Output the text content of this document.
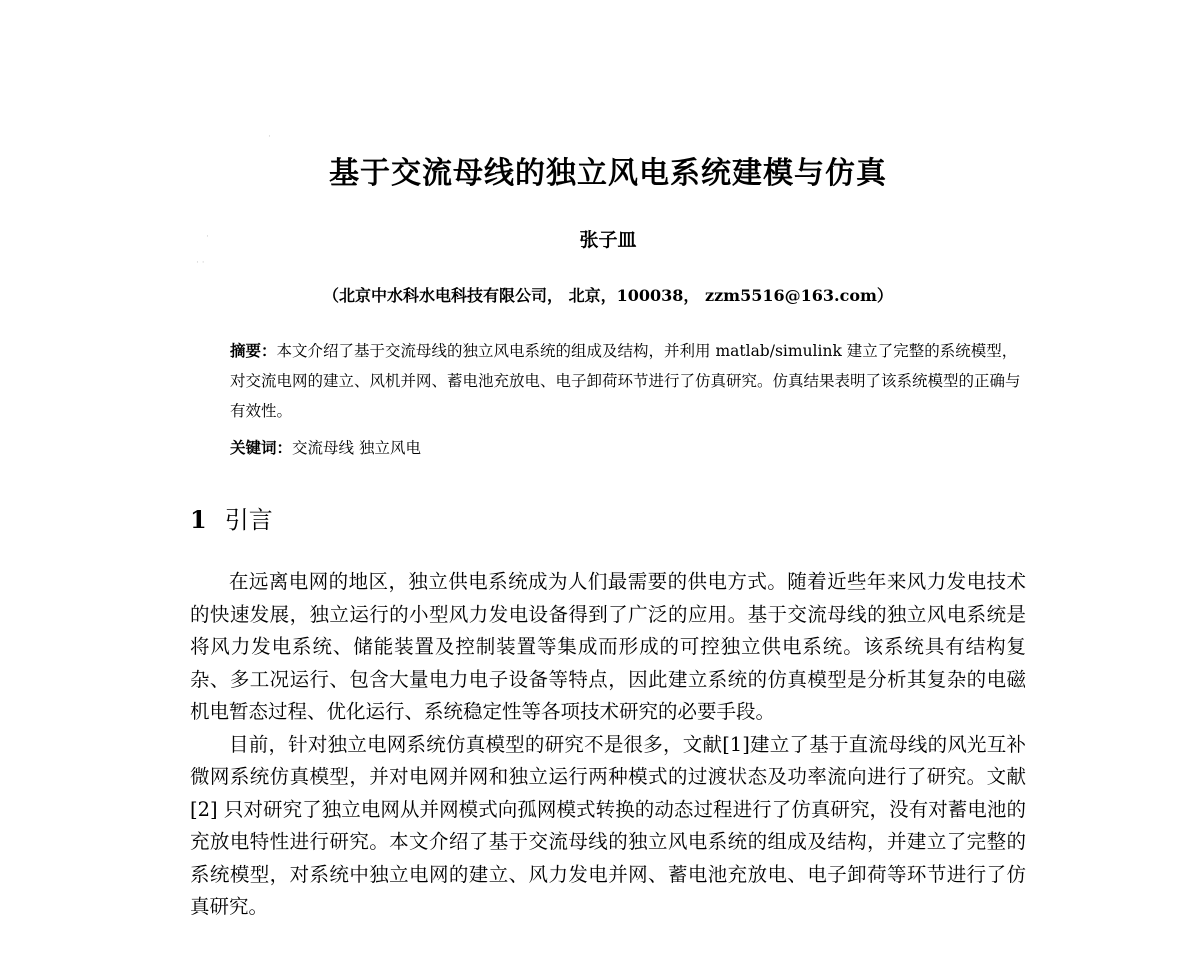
·
·
· ·
基于交流母线的独立风电系统建模与仿真
张子皿
（北京中水科水电科技有限公司， 北京，100038， zzm5516@163.com）
摘要：本文介绍了基于交流母线的独立风电系统的组成及结构，并利用 matlab/simulink 建立了完整的系统模型，对交流电网的建立、风机并网、蓄电池充放电、电子卸荷环节进行了仿真研究。仿真结果表明了该系统模型的正确与有效性。
关键词：交流母线 独立风电
1 引言

在远离电网的地区，独立供电系统成为人们最需要的供电方式。随着近些年来风力发电技术的快速发展，独立运行的小型风力发电设备得到了广泛的应用。基于交流母线的独立风电系统是将风力发电系统、储能装置及控制装置等集成而形成的可控独立供电系统。该系统具有结构复杂、多工况运行、包含大量电力电子设备等特点，因此建立系统的仿真模型是分析其复杂的电磁机电暂态过程、优化运行、系统稳定性等各项技术研究的必要手段。

目前，针对独立电网系统仿真模型的研究不是很多，文献[1]建立了基于直流母线的风光互补微网系统仿真模型，并对电网并网和独立运行两种模式的过渡状态及功率流向进行了研究。文献[2] 只对研究了独立电网从并网模式向孤网模式转换的动态过程进行了仿真研究，没有对蓄电池的充放电特性进行研究。本文介绍了基于交流母线的独立风电系统的组成及结构，并建立了完整的系统模型，对系统中独立电网的建立、风力发电并网、蓄电池充放电、电子卸荷等环节进行了仿真研究。
